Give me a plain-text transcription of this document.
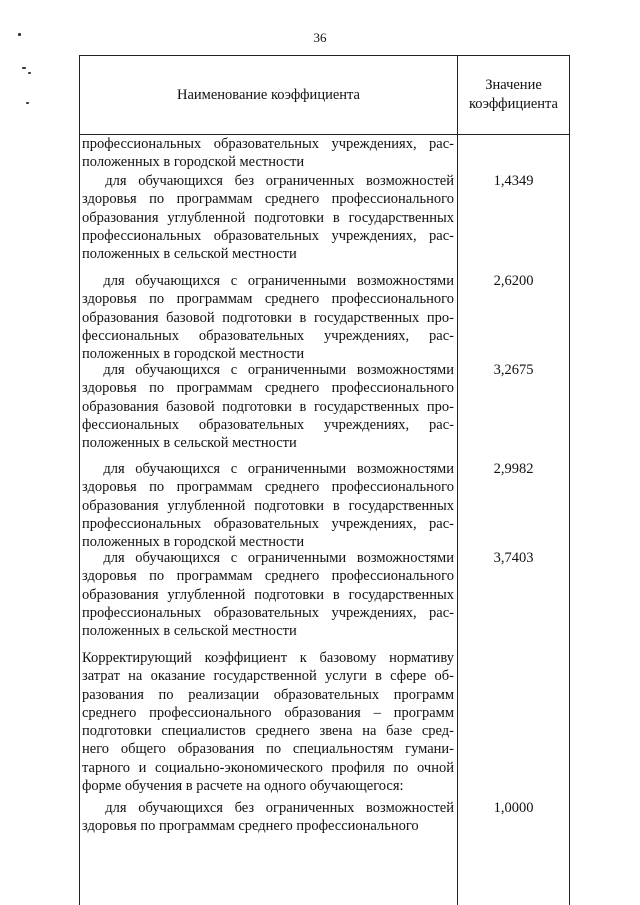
36
Наименование коэффициента
Значение
коэффициента
профессиональных образовательных учреждениях, рас-
положенных в городской местности
для обучающихся без ограниченных возможностей
здоровья по программам среднего профессионального
образования углубленной подготовки в государственных
профессиональных образовательных учреждениях, рас-
положенных в сельской местности
1,4349
для обучающихся с ограниченными возможностями
здоровья по программам среднего профессионального
образования базовой подготовки в государственных про-
фессиональных образовательных учреждениях, рас-
положенных в городской местности
2,6200
для обучающихся с ограниченными возможностями
здоровья по программам среднего профессионального
образования базовой подготовки в государственных про-
фессиональных образовательных учреждениях, рас-
положенных в сельской местности
3,2675
для обучающихся с ограниченными возможностями
здоровья по программам среднего профессионального
образования углубленной подготовки в государственных
профессиональных образовательных учреждениях, рас-
положенных в городской местности
2,9982
для обучающихся с ограниченными возможностями
здоровья по программам среднего профессионального
образования углубленной подготовки в государственных
профессиональных образовательных учреждениях, рас-
положенных в сельской местности
3,7403
Корректирующий коэффициент к базовому нормативу
затрат на оказание государственной услуги в сфере об-
разования по реализации образовательных программ
среднего профессионального образования – программ
подготовки специалистов среднего звена на базе сред-
него общего образования по специальностям гумани-
тарного и социально-экономического профиля по очной
форме обучения в расчете на одного обучающегося:
для обучающихся без ограниченных возможностей
здоровья по программам среднего профессионального
1,0000
